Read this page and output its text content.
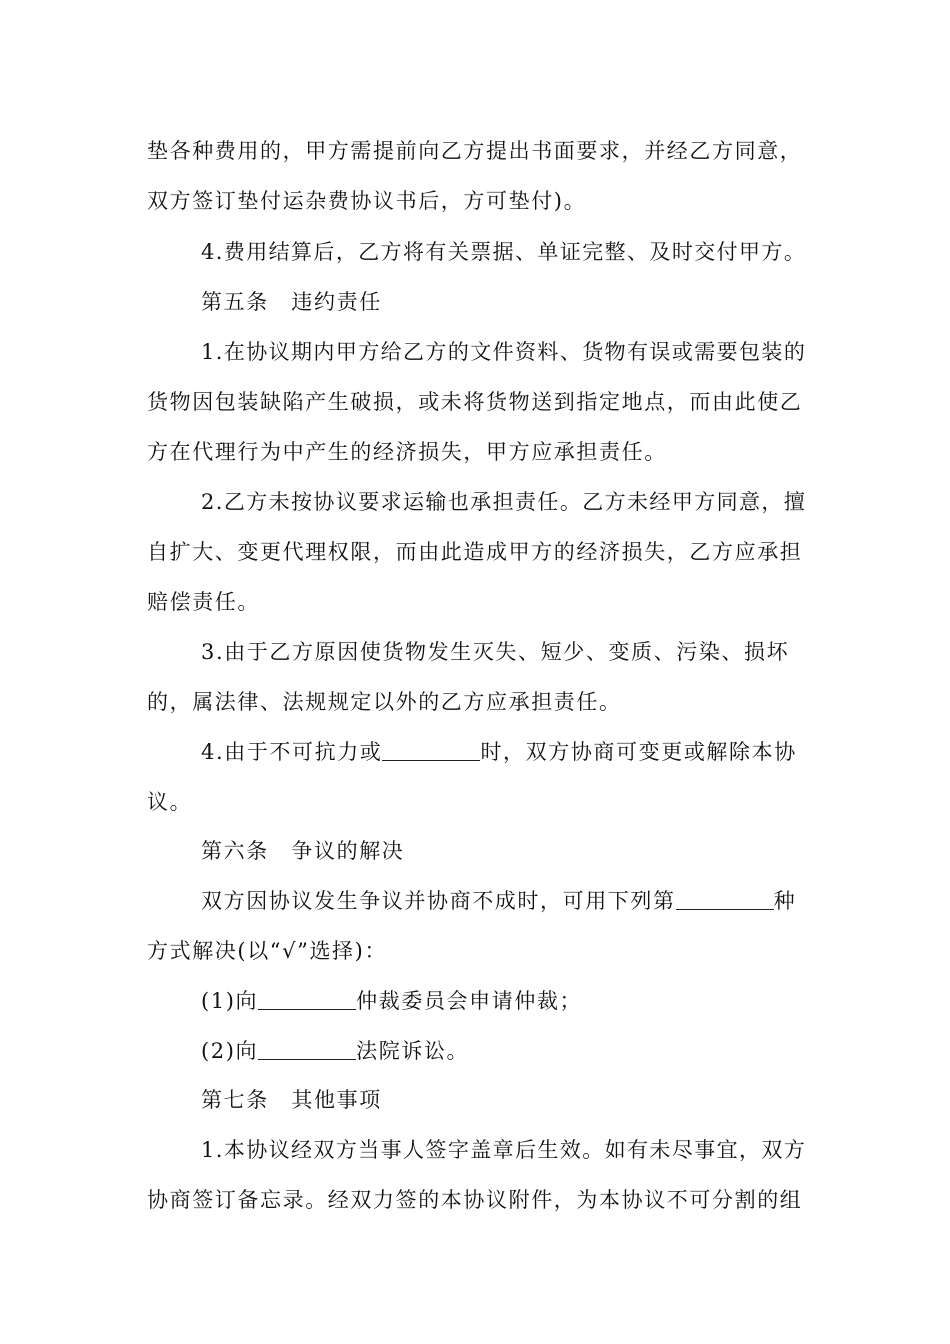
垫各种费用的，甲方需提前向乙方提出书面要求，并经乙方同意，
双方签订垫付运杂费协议书后，方可垫付)。
4.费用结算后，乙方将有关票据、单证完整、及时交付甲方。
第五条　违约责任
1.在协议期内甲方给乙方的文件资料、货物有误或需要包装的
货物因包装缺陷产生破损，或未将货物送到指定地点，而由此使乙
方在代理行为中产生的经济损失，甲方应承担责任。
2.乙方未按协议要求运输也承担责任。乙方未经甲方同意，擅
自扩大、变更代理权限，而由此造成甲方的经济损失，乙方应承担
赔偿责任。
3.由于乙方原因使货物发生灭失、短少、变质、污染、损坏
的，属法律、法规规定以外的乙方应承担责任。
4.由于不可抗力或	时，双方协商可变更或解除本协
议。
第六条　争议的解决
双方因协议发生争议并协商不成时，可用下列第	种
方式解决(以“√”选择)：
(1)向	仲裁委员会申请仲裁；
(2)向	法院诉讼。
第七条　其他事项
1.本协议经双方当事人签字盖章后生效。如有未尽事宜，双方
协商签订备忘录。经双力签的本协议附件，为本协议不可分割的组
